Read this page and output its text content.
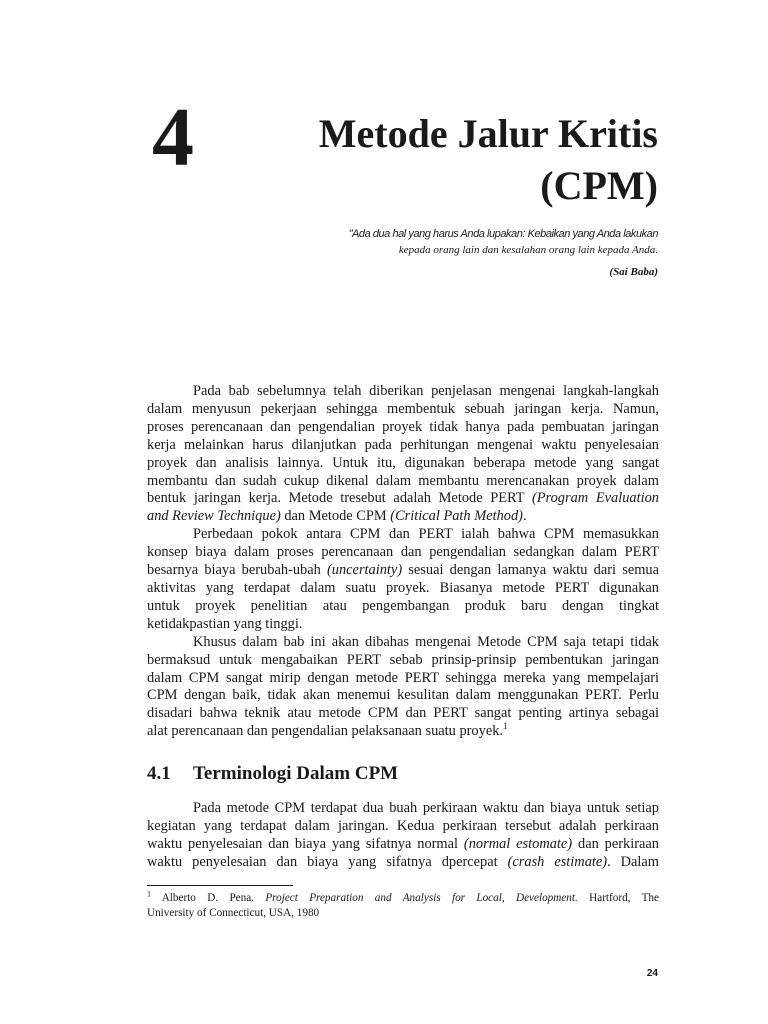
4	Metode Jalur Kritis
(CPM)
"Ada dua hal yang harus Anda lupakan: Kebaikan yang Anda lakukan
kepada orang lain dan kesalahan orang lain kepada Anda.
(Sai Baba)

Pada bab sebelumnya telah diberikan penjelasan mengenai langkah-langkah
dalam menyusun pekerjaan sehingga membentuk sebuah jaringan kerja. Namun,
proses perencanaan dan pengendalian proyek tidak hanya pada pembuatan jaringan
kerja melainkan harus dilanjutkan pada perhitungan mengenai waktu penyelesaian
proyek dan analisis lainnya. Untuk itu, digunakan beberapa metode yang sangat
membantu dan sudah cukup dikenal dalam membantu merencanakan proyek dalam
bentuk jaringan kerja. Metode tresebut adalah Metode PERT (Program Evaluation
and Review Technique) dan Metode CPM (Critical Path Method).

Perbedaan pokok antara CPM dan PERT ialah bahwa CPM memasukkan
konsep biaya dalam proses perencanaan dan pengendalian sedangkan dalam PERT
besarnya biaya berubah-ubah (uncertainty) sesuai dengan lamanya waktu dari semua
aktivitas yang terdapat dalam suatu proyek. Biasanya metode PERT digunakan
untuk proyek penelitian atau pengembangan produk baru dengan tingkat
ketidakpastian yang tinggi.

Khusus dalam bab ini akan dibahas mengenai Metode CPM saja tetapi tidak
bermaksud untuk mengabaikan PERT sebab prinsip-prinsip pembentukan jaringan
dalam CPM sangat mirip dengan metode PERT sehingga mereka yang mempelajari
CPM dengan baik, tidak akan menemui kesulitan dalam menggunakan PERT. Perlu
disadari bahwa teknik atau metode CPM dan PERT sangat penting artinya sebagai
alat perencanaan dan pengendalian pelaksanaan suatu proyek.$^1$

4.1 Terminologi Dalam CPM

Pada metode CPM terdapat dua buah perkiraan waktu dan biaya untuk setiap
kegiatan yang terdapat dalam jaringan. Kedua perkiraan tersebut adalah perkiraan
waktu penyelesaian dan biaya yang sifatnya normal (normal estomate) dan perkiraan
waktu penyelesaian dan biaya yang sifatnya dpercepat (crash estimate). Dalam

$^1$ Alberto D. Pena. Project Preparation and Analysis for Local, Development. Hartford, The
University of Connecticut, USA, 1980
24
